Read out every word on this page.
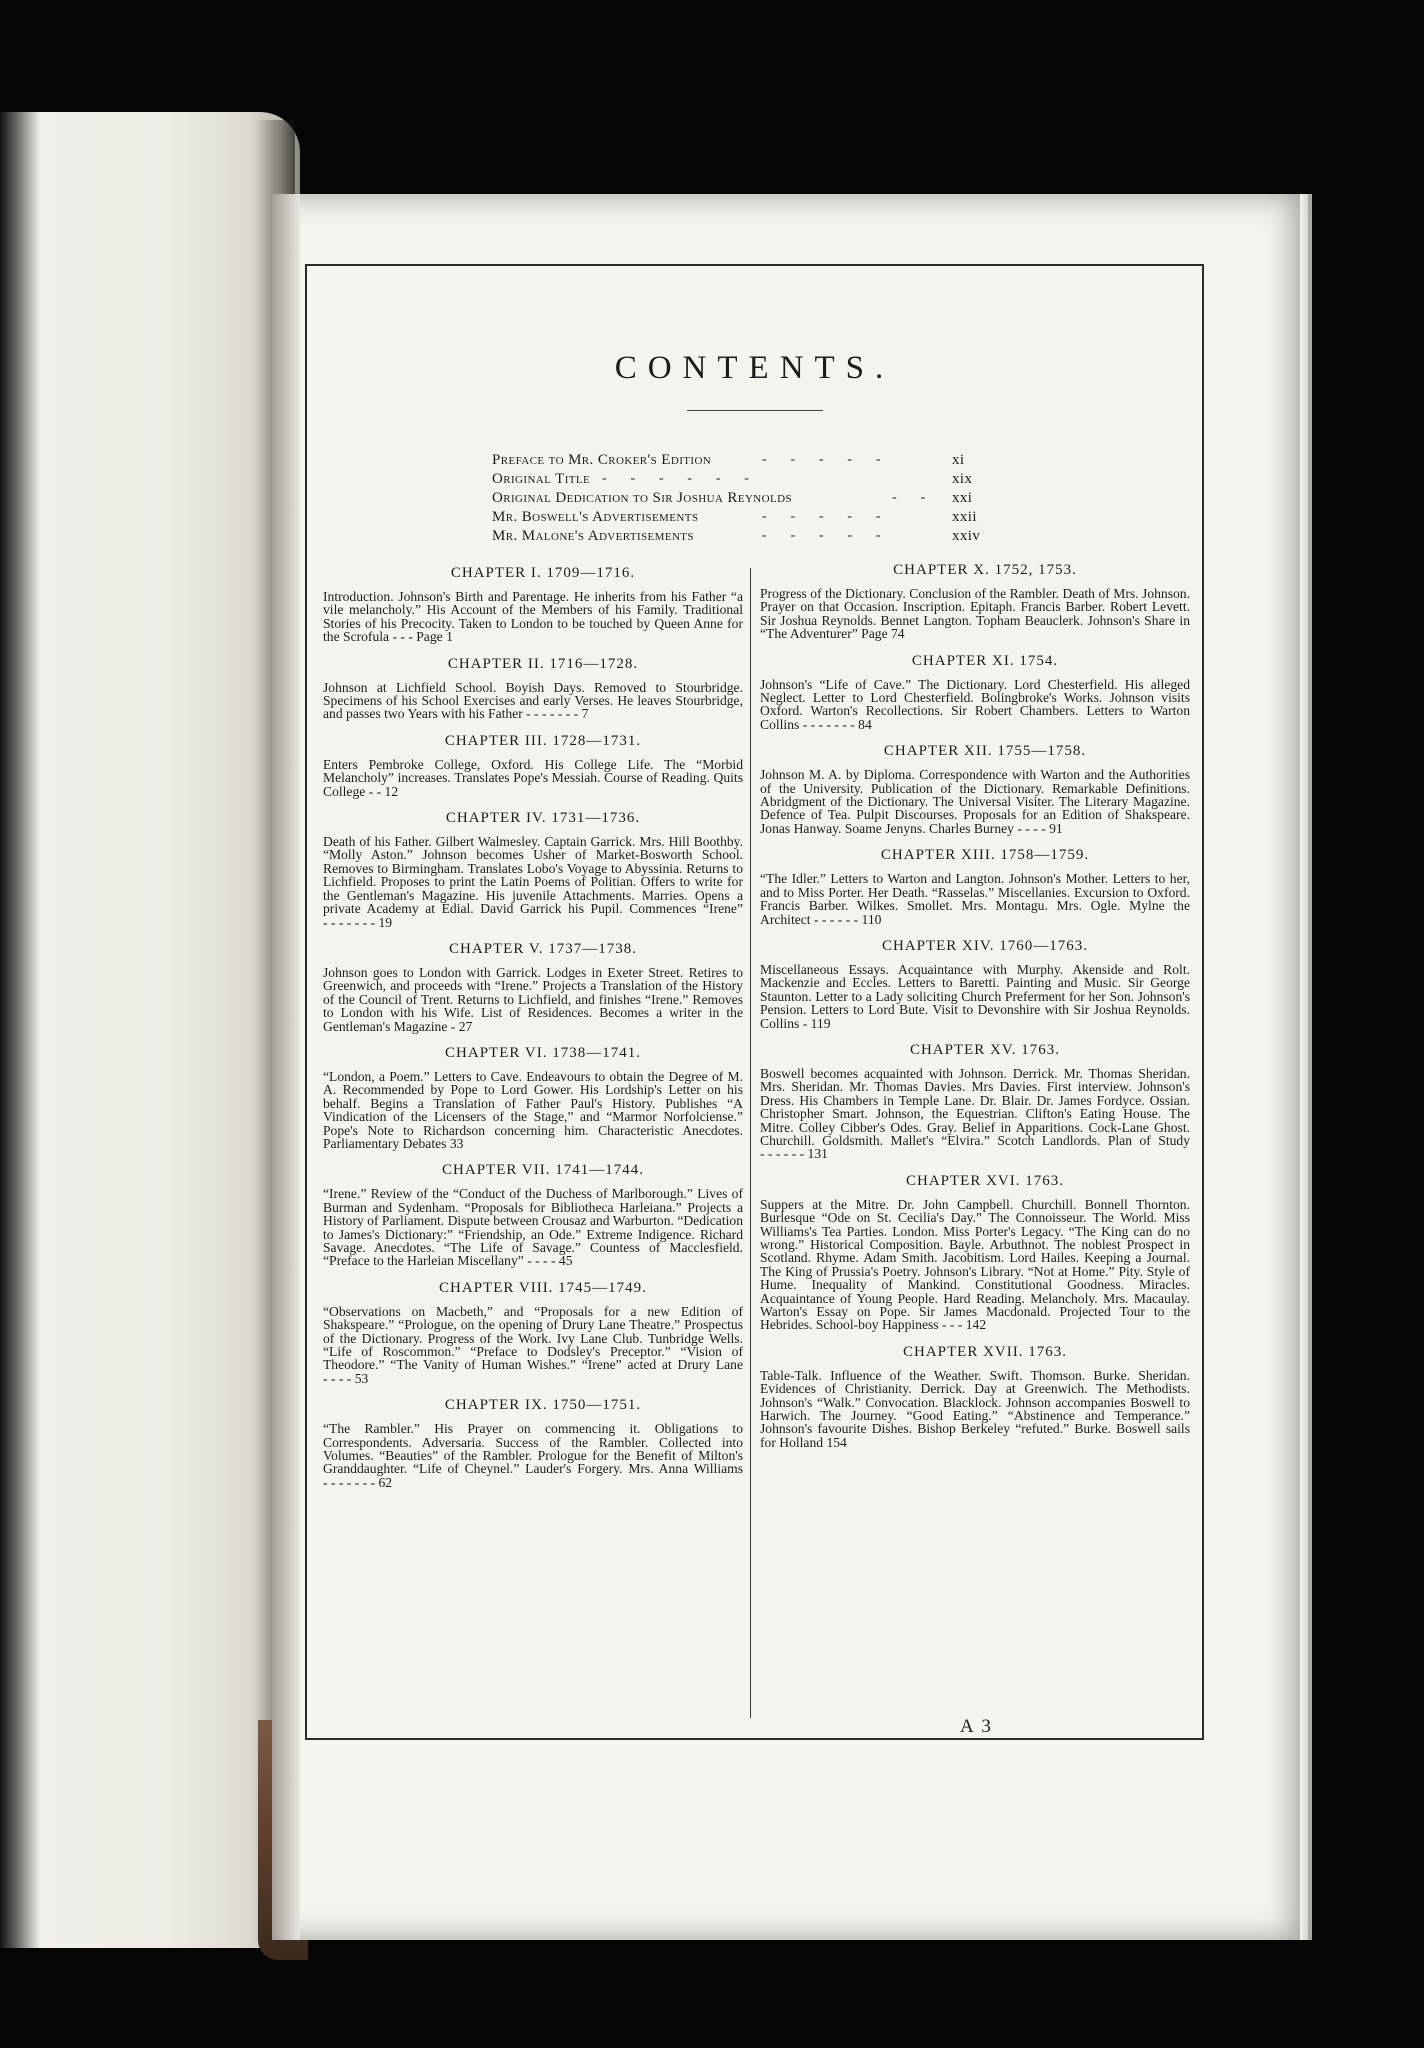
CONTENTS.
Preface to Mr. Croker's Edition	-      -      -      -      -	xi
Original Title -      -      -      -      -      -	xix
Original Dedication to Sir Joshua Reynolds	-      - xxi
Mr. Boswell's Advertisements	-      -      -      -      -	xxii
Mr. Malone's Advertisements	-      -      -      -      -	xxiv
CHAPTER I. 1709—1716.
Introduction. Johnson's Birth and Parentage. He inherits from his Father “a vile melancholy.” His Account of the Members of his Family. Traditional Stories of his Precocity. Taken to London to be touched by Queen Anne for the Scrofula - - - Page 1
CHAPTER II. 1716—1728.
Johnson at Lichfield School. Boyish Days. Removed to Stourbridge. Specimens of his School Exercises and early Verses. He leaves Stourbridge, and passes two Years with his Father - - - - - - - 7
CHAPTER III. 1728—1731.
Enters Pembroke College, Oxford. His College Life. The “Morbid Melancholy” increases. Translates Pope's Messiah. Course of Reading. Quits College - - 12
CHAPTER IV. 1731—1736.
Death of his Father. Gilbert Walmesley. Captain Garrick. Mrs. Hill Boothby. “Molly Aston.” Johnson becomes Usher of Market-Bosworth School. Removes to Birmingham. Translates Lobo's Voyage to Abyssinia. Returns to Lichfield. Proposes to print the Latin Poems of Politian. Offers to write for the Gentleman's Magazine. His juvenile Attachments. Marries. Opens a private Academy at Edial. David Garrick his Pupil. Commences “Irene” - - - - - - - 19
CHAPTER V. 1737—1738.
Johnson goes to London with Garrick. Lodges in Exeter Street. Retires to Greenwich, and proceeds with “Irene.” Projects a Translation of the History of the Council of Trent. Returns to Lichfield, and finishes “Irene.” Removes to London with his Wife. List of Residences. Becomes a writer in the Gentleman's Magazine - 27
CHAPTER VI. 1738—1741.
“London, a Poem.” Letters to Cave. Endeavours to obtain the Degree of M. A. Recommended by Pope to Lord Gower. His Lordship's Letter on his behalf. Begins a Translation of Father Paul's History. Publishes “A Vindication of the Licensers of the Stage,” and “Marmor Norfolciense.” Pope's Note to Richardson concerning him. Characteristic Anecdotes. Parliamentary Debates 33
CHAPTER VII. 1741—1744.
“Irene.” Review of the “Conduct of the Duchess of Marlborough.” Lives of Burman and Sydenham. “Proposals for Bibliotheca Harleiana.” Projects a History of Parliament. Dispute between Crousaz and Warburton. “Dedication to James's Dictionary:” “Friendship, an Ode.” Extreme Indigence. Richard Savage. Anecdotes. “The Life of Savage.” Countess of Macclesfield. “Preface to the Harleian Miscellany” - - - - 45
CHAPTER VIII. 1745—1749.
“Observations on Macbeth,” and “Proposals for a new Edition of Shakspeare.” “Prologue, on the opening of Drury Lane Theatre.” Prospectus of the Dictionary. Progress of the Work. Ivy Lane Club. Tunbridge Wells. “Life of Roscommon.” “Preface to Dodsley's Preceptor.” “Vision of Theodore.” “The Vanity of Human Wishes.” “Irene” acted at Drury Lane - - - - 53
CHAPTER IX. 1750—1751.
“The Rambler.” His Prayer on commencing it. Obligations to Correspondents. Adversaria. Success of the Rambler. Collected into Volumes. “Beauties” of the Rambler. Prologue for the Benefit of Milton's Granddaughter. “Life of Cheynel.” Lauder's Forgery. Mrs. Anna Williams - - - - - - - 62
CHAPTER X. 1752, 1753.
Progress of the Dictionary. Conclusion of the Rambler. Death of Mrs. Johnson. Prayer on that Occasion. Inscription. Epitaph. Francis Barber. Robert Levett. Sir Joshua Reynolds. Bennet Langton. Topham Beauclerk. Johnson's Share in “The Adventurer” Page 74
CHAPTER XI. 1754.
Johnson's “Life of Cave.” The Dictionary. Lord Chesterfield. His alleged Neglect. Letter to Lord Chesterfield. Bolingbroke's Works. Johnson visits Oxford. Warton's Recollections. Sir Robert Chambers. Letters to Warton Collins - - - - - - - 84
CHAPTER XII. 1755—1758.
Johnson M. A. by Diploma. Correspondence with Warton and the Authorities of the University. Publication of the Dictionary. Remarkable Definitions. Abridgment of the Dictionary. The Universal Visiter. The Literary Magazine. Defence of Tea. Pulpit Discourses. Proposals for an Edition of Shakspeare. Jonas Hanway. Soame Jenyns. Charles Burney - - - - 91
CHAPTER XIII. 1758—1759.
“The Idler.” Letters to Warton and Langton. Johnson's Mother. Letters to her, and to Miss Porter. Her Death. “Rasselas.” Miscellanies. Excursion to Oxford. Francis Barber. Wilkes. Smollet. Mrs. Montagu. Mrs. Ogle. Mylne the Architect - - - - - - 110
CHAPTER XIV. 1760—1763.
Miscellaneous Essays. Acquaintance with Murphy. Akenside and Rolt. Mackenzie and Eccles. Letters to Baretti. Painting and Music. Sir George Staunton. Letter to a Lady soliciting Church Preferment for her Son. Johnson's Pension. Letters to Lord Bute. Visit to Devonshire with Sir Joshua Reynolds. Collins - 119
CHAPTER XV. 1763.
Boswell becomes acquainted with Johnson. Derrick. Mr. Thomas Sheridan. Mrs. Sheridan. Mr. Thomas Davies. Mrs Davies. First interview. Johnson's Dress. His Chambers in Temple Lane. Dr. Blair. Dr. James Fordyce. Ossian. Christopher Smart. Johnson, the Equestrian. Clifton's Eating House. The Mitre. Colley Cibber's Odes. Gray. Belief in Apparitions. Cock-Lane Ghost. Churchill. Goldsmith. Mallet's “Elvira.” Scotch Landlords. Plan of Study - - - - - - 131
CHAPTER XVI. 1763.
Suppers at the Mitre. Dr. John Campbell. Churchill. Bonnell Thornton. Burlesque “Ode on St. Cecilia's Day.” The Connoisseur. The World. Miss Williams's Tea Parties. London. Miss Porter's Legacy. “The King can do no wrong.” Historical Composition. Bayle. Arbuthnot. The noblest Prospect in Scotland. Rhyme. Adam Smith. Jacobitism. Lord Hailes. Keeping a Journal. The King of Prussia's Poetry. Johnson's Library. “Not at Home.” Pity. Style of Hume. Inequality of Mankind. Constitutional Goodness. Miracles. Acquaintance of Young People. Hard Reading. Melancholy. Mrs. Macaulay. Warton's Essay on Pope. Sir James Macdonald. Projected Tour to the Hebrides. School-boy Happiness - - - 142
CHAPTER XVII. 1763.
Table-Talk. Influence of the Weather. Swift. Thomson. Burke. Sheridan. Evidences of Christianity. Derrick. Day at Greenwich. The Methodists. Johnson's “Walk.” Convocation. Blacklock. Johnson accompanies Boswell to Harwich. The Journey. “Good Eating.” “Abstinence and Temperance.” Johnson's favourite Dishes. Bishop Berkeley “refuted.” Burke. Boswell sails for Holland 154
A 3
